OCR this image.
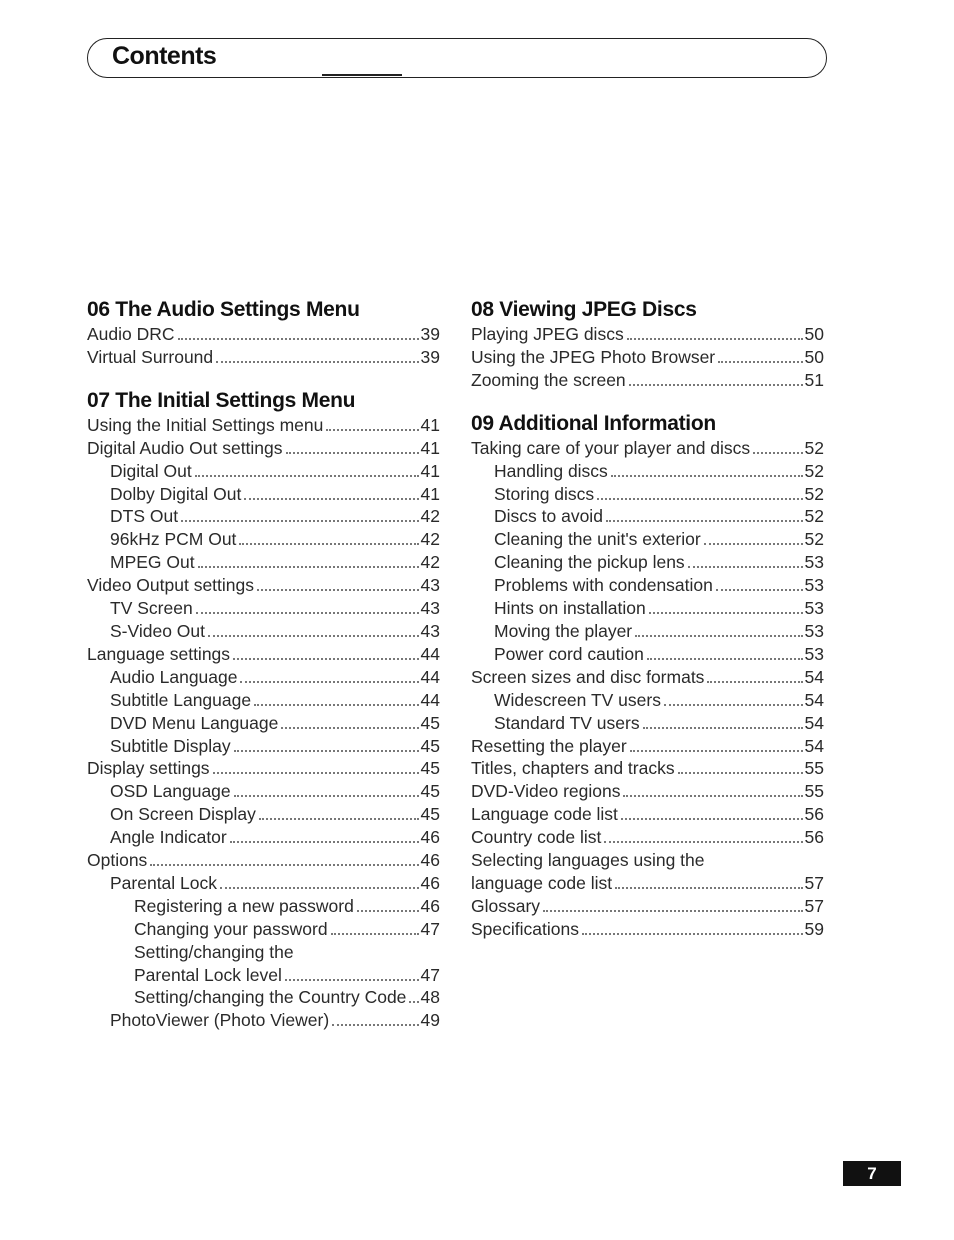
Contents
06 The Audio Settings Menu
Audio DRC	39
Virtual Surround	39
07 The Initial Settings Menu
Using the Initial Settings menu	41
Digital Audio Out settings	41
Digital Out	41
Dolby Digital Out	41
DTS Out	42
96kHz PCM Out	42
MPEG Out	42
Video Output settings	43
TV Screen	43
S-Video Out	43
Language settings	44
Audio Language	44
Subtitle Language	44
DVD Menu Language	45
Subtitle Display	45
Display settings	45
OSD Language	45
On Screen Display	45
Angle Indicator	46
Options	46
Parental Lock	46
Registering a new password	46
Changing your password	47
Setting/changing the
Parental Lock level	47
Setting/changing the Country Code 48
PhotoViewer (Photo Viewer)	49
08 Viewing JPEG Discs
Playing JPEG discs	50
Using the JPEG Photo Browser	50
Zooming the screen	51
09 Additional Information
Taking care of your player and discs	52
Handling discs	52
Storing discs	52
Discs to avoid	52
Cleaning the unit's exterior	52
Cleaning the pickup lens	53
Problems with condensation	53
Hints on installation	53
Moving the player	53
Power cord caution	53
Screen sizes and disc formats	54
Widescreen TV users	54
Standard TV users	54
Resetting the player	54
Titles, chapters and tracks	55
DVD-Video regions	55
Language code list	56
Country code list	56
Selecting languages using the
language code list	57
Glossary	57
Specifications	59
7
